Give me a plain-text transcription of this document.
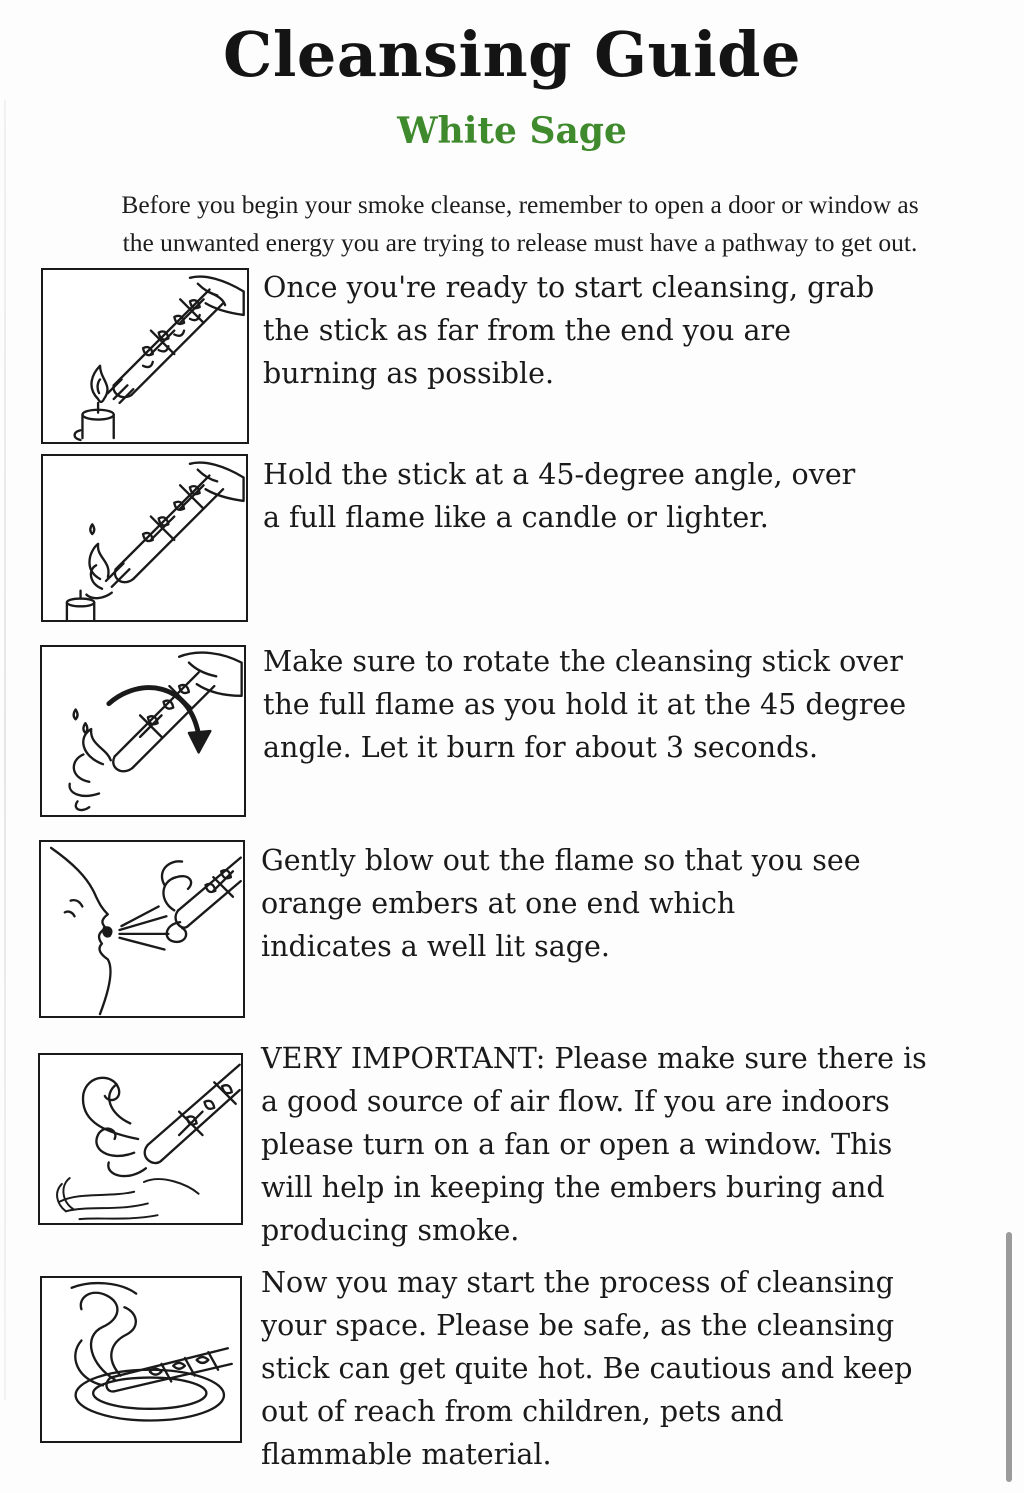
Cleansing Guide
White Sage
Before you begin your smoke cleanse, remember to open a door or window as
the unwanted energy you are trying to release must have a pathway to get out.
Once you're ready to start cleansing, grab
the stick as far from the end you are
burning as possible.
Hold the stick at a 45-degree angle, over
a full flame like a candle or lighter.
Make sure to rotate the cleansing stick over
the full flame as you hold it at the 45 degree
angle. Let it burn for about 3 seconds.
Gently blow out the flame so that you see
orange embers at one end which
indicates a well lit sage.
VERY IMPORTANT: Please make sure there is
a good source of air flow. If you are indoors
please turn on a fan or open a window. This
will help in keeping the embers buring and
producing smoke.
Now you may start the process of cleansing
your space. Please be safe, as the cleansing
stick can get quite hot. Be cautious and keep
out of reach from children, pets and
flammable material.
